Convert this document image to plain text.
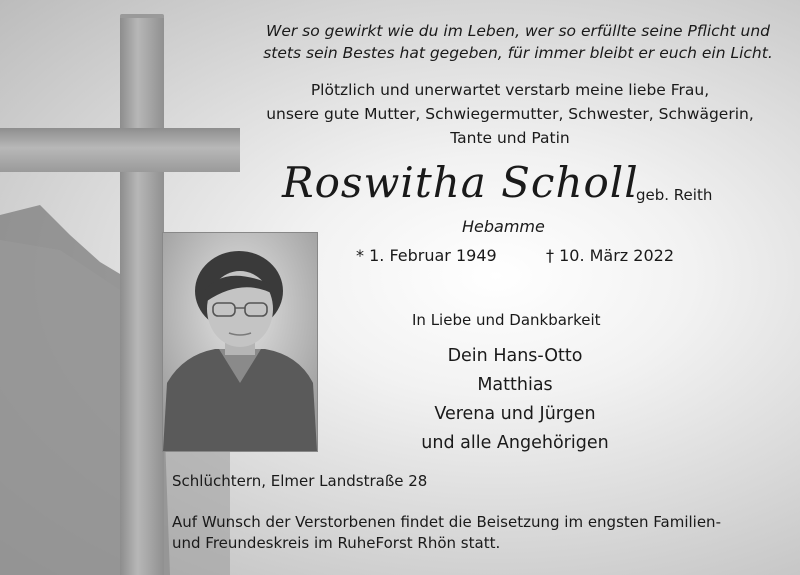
Wer so gewirkt wie du im Leben, wer so erfüllte seine Pflicht und
stets sein Bestes hat gegeben, für immer bleibt er euch ein Licht.

Plötzlich und unerwartet verstarb meine liebe Frau,
unsere gute Mutter, Schwiegermutter, Schwester, Schwägerin,
Tante und Patin

Roswitha Scholl
geb. Reith
Hebamme
* 1. Februar 1949	† 10. März 2022
In Liebe und Dankbarkeit
Dein Hans-Otto
Matthias
Verena und Jürgen
und alle Angehörigen
Schlüchtern, Elmer Landstraße 28

Auf Wunsch der Verstorbenen findet die Beisetzung im engsten Familien-
und Freundeskreis im RuheForst Rhön statt.
